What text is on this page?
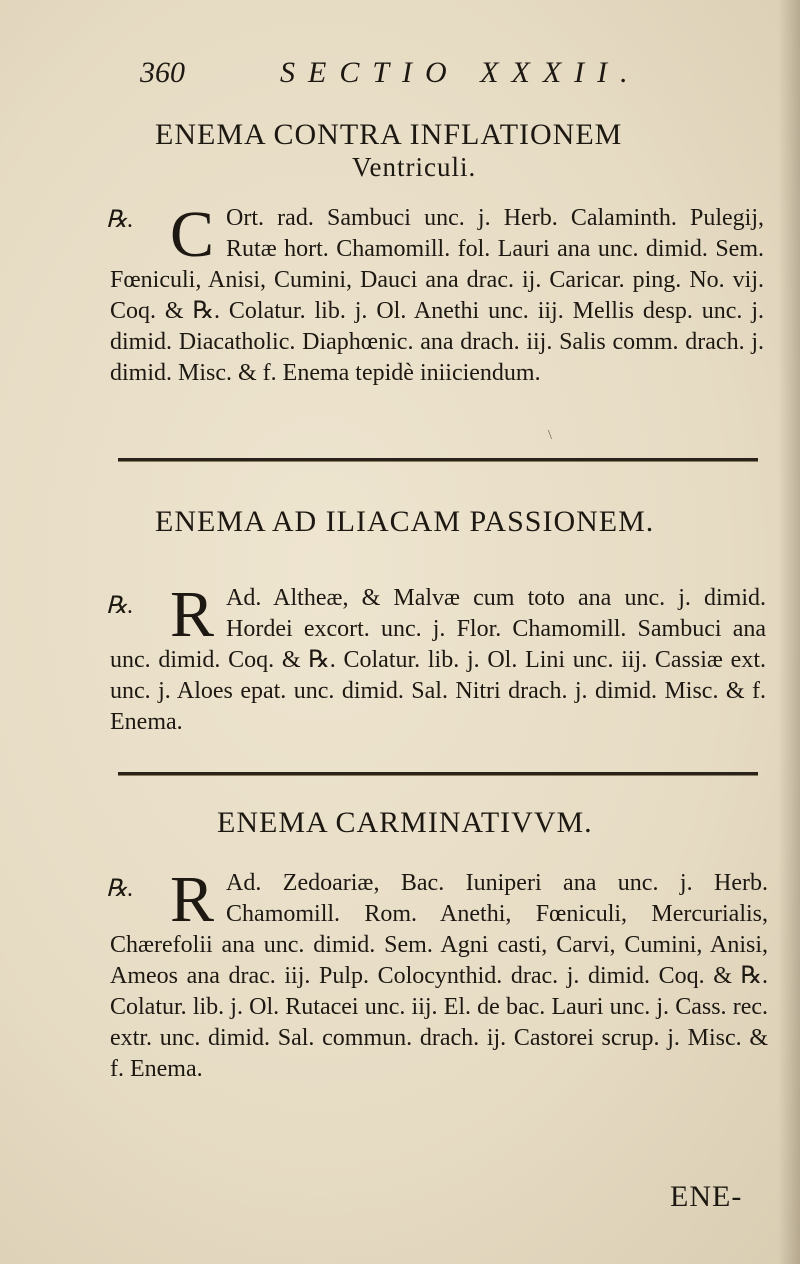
360	SECTIO XXXII.
ENEMA CONTRA INFLATIONEM
Ventriculi.
℞. C Ort. rad. Sambuci unc. j. Herb. Calaminth. Pulegij, Rutæ hort. Chamomill. fol. Lauri ana unc. dimid. Sem. Fœniculi, Anisi, Cumini, Dauci ana drac. ij. Caricar. ping. No. vij. Coq. & ℞. Colatur. lib. j. Ol. Anethi unc. iij. Mellis desp. unc. j. dimid. Diacatholic. Diaphœnic. ana drach. iij. Salis comm. drach. j. dimid. Misc. & f. Enema tepidè iniiciendum.
\
ENEMA AD ILIACAM PASSIONEM.
℞. R Ad. Altheæ, & Malvæ cum toto ana unc. j. dimid. Hordei excort. unc. j. Flor. Chamomill. Sambuci ana unc. dimid. Coq. & ℞. Colatur. lib. j. Ol. Lini unc. iij. Cassiæ ext. unc. j. Aloes epat. unc. dimid. Sal. Nitri drach. j. dimid. Misc. & f. Enema.
ENEMA CARMINATIVVM.
℞. R Ad. Zedoariæ, Bac. Iuniperi ana unc. j. Herb. Chamomill. Rom. Anethi, Fœniculi, Mercurialis, Chærefolii ana unc. dimid. Sem. Agni casti, Carvi, Cumini, Anisi, Ameos ana drac. iij. Pulp. Colocynthid. drac. j. dimid. Coq. & ℞. Colatur. lib. j. Ol. Rutacei unc. iij. El. de bac. Lauri unc. j. Cass. rec. extr. unc. dimid. Sal. commun. drach. ij. Castorei scrup. j. Misc. & f. Enema.
ENE-
